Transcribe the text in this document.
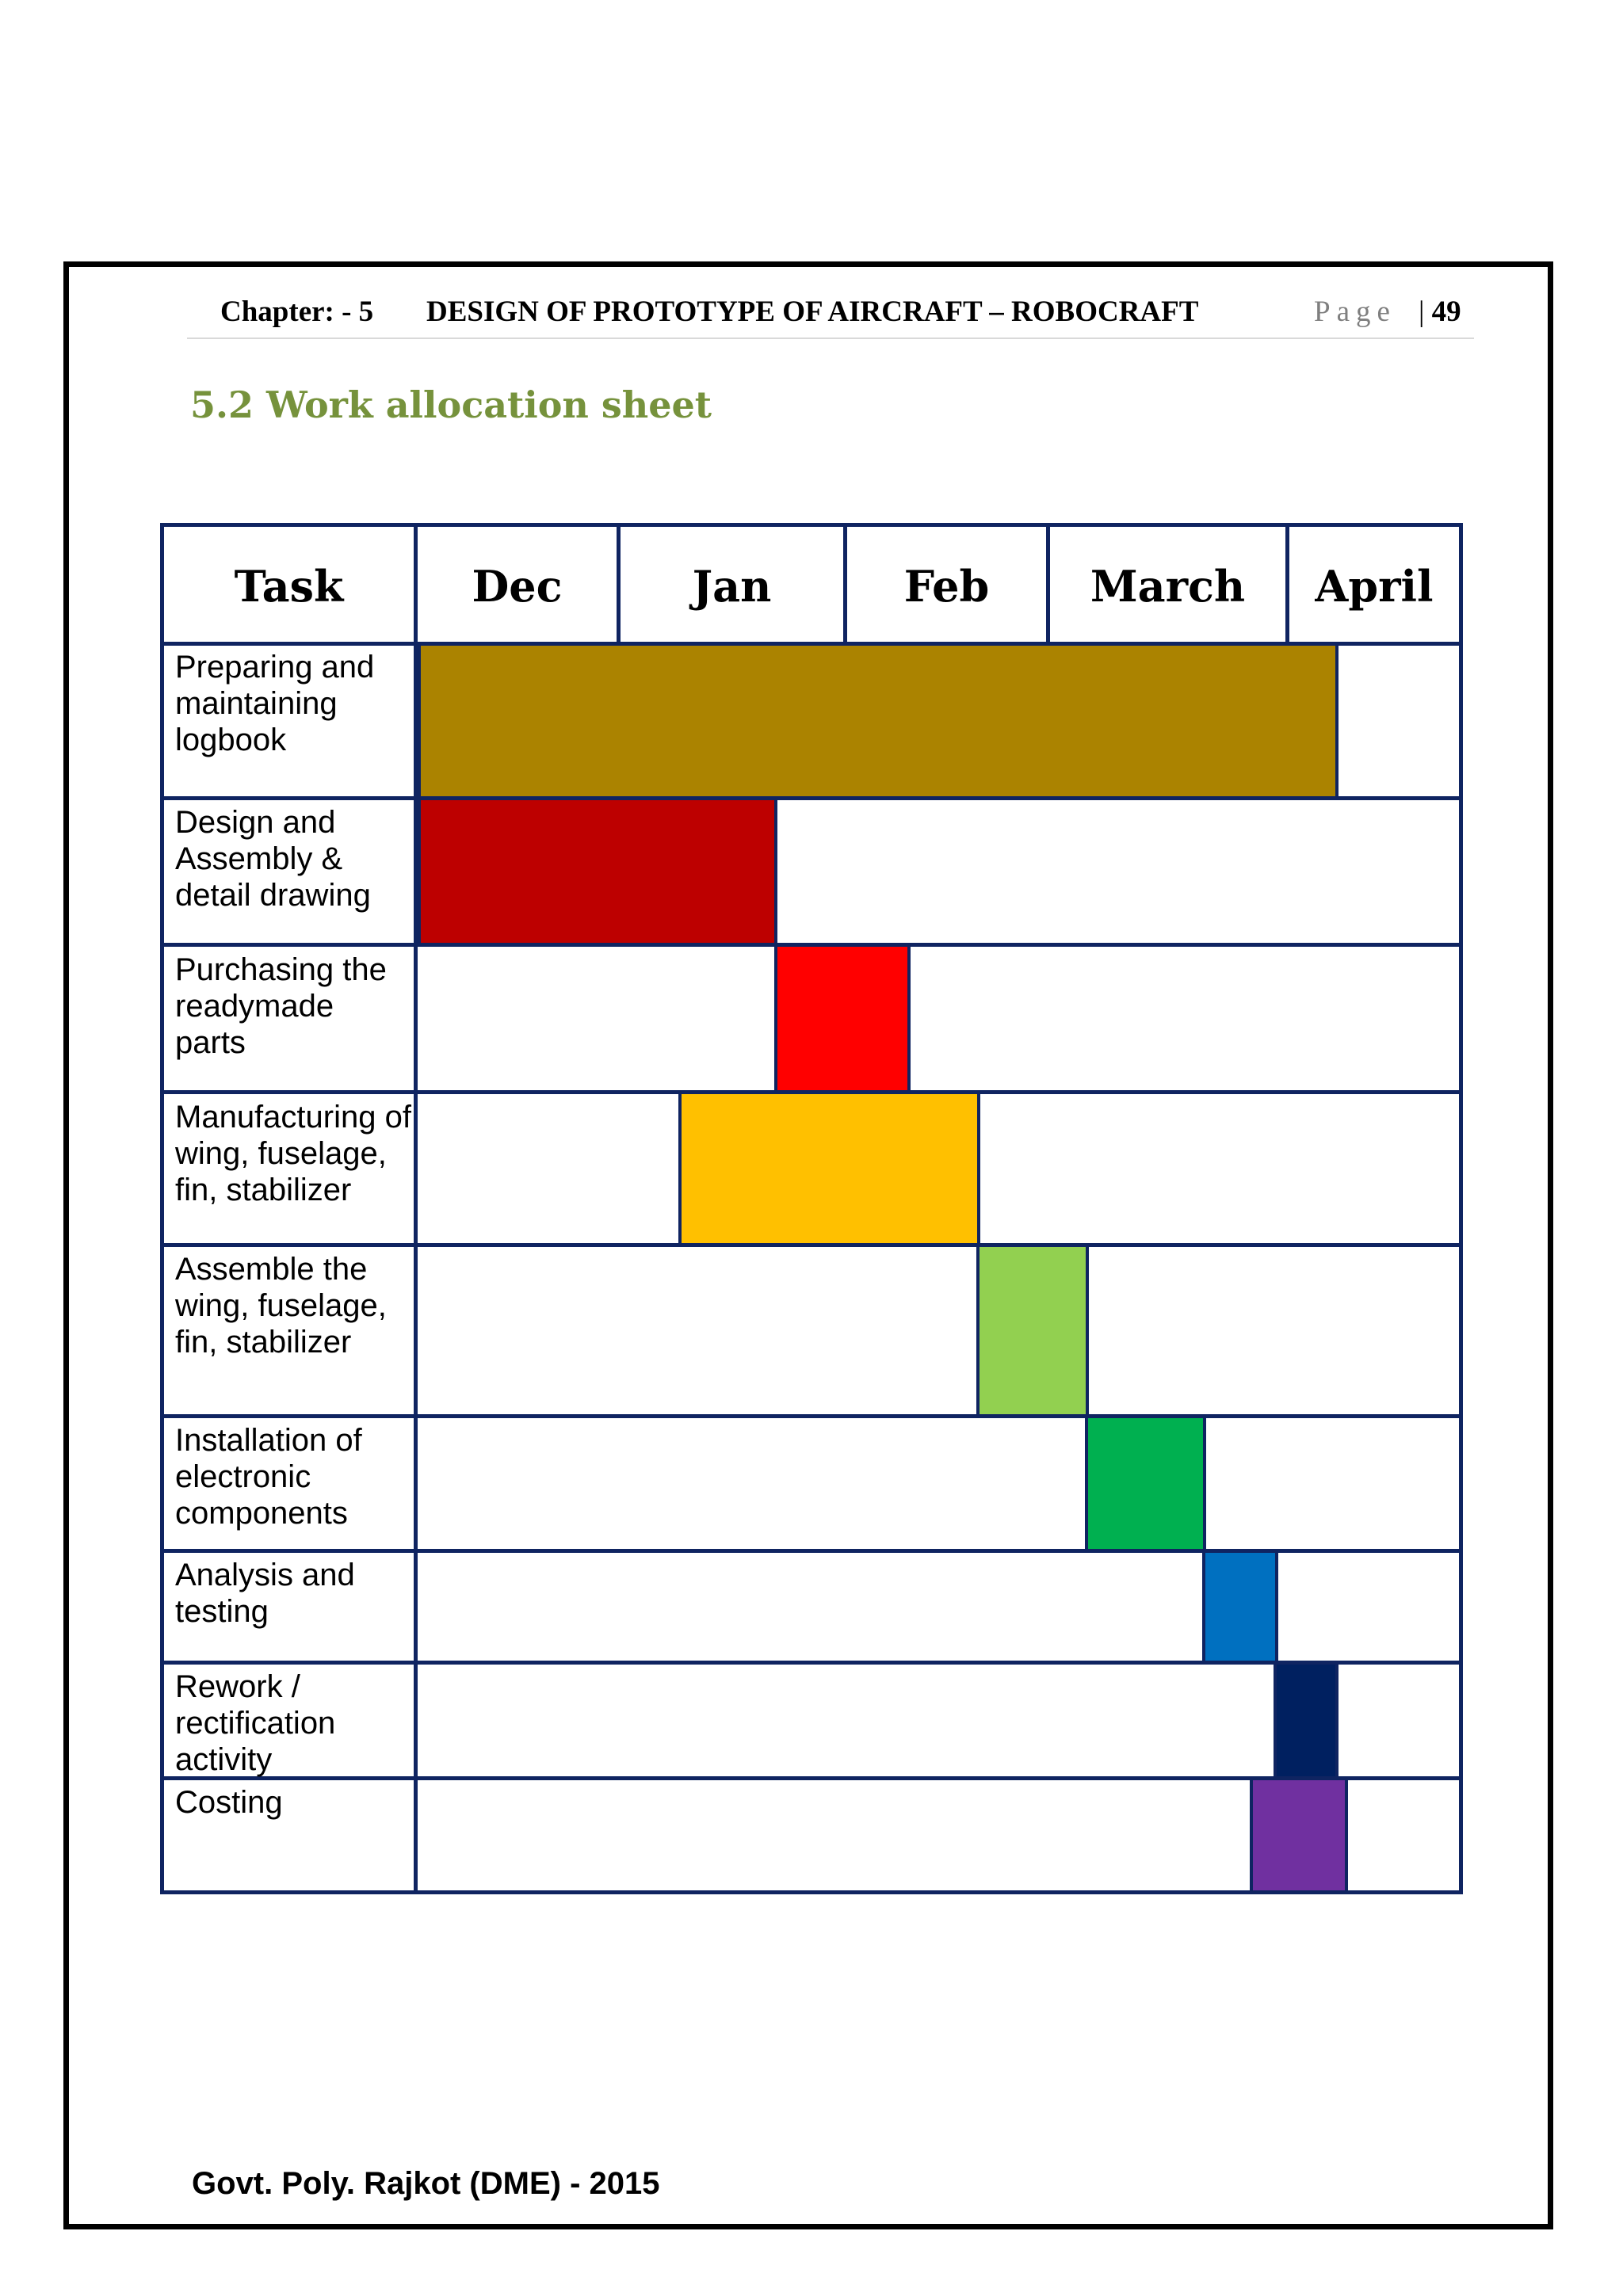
Chapter: - 5 DESIGN OF PROTOTYPE OF AIRCRAFT – ROBOCRAFT	Page | 49
5.2 Work allocation sheet
Task	Dec	Jan	Feb	March	April
Preparing and maintaining logbook
Design and Assembly & detail drawing
Purchasing the readymade parts
Manufacturing of wing, fuselage, fin, stabilizer
Assemble the wing, fuselage, fin, stabilizer
Installation of electronic components
Analysis and testing
Rework / rectification activity
Costing
Govt. Poly. Rajkot (DME) - 2015
